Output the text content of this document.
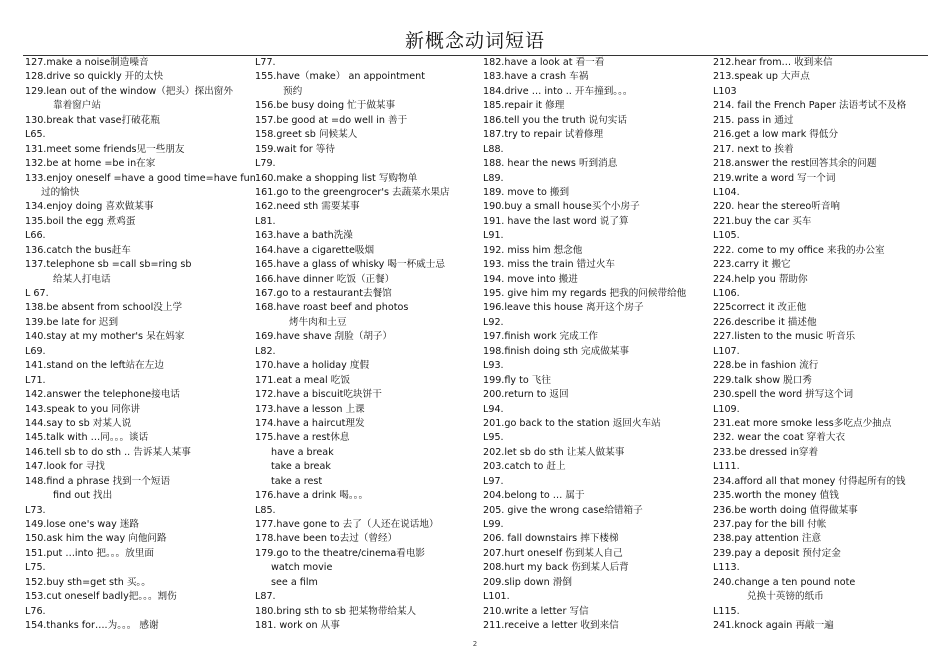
新概念动词短语
127.make a noise制造噪音
128.drive so quickly 开的太快
129.lean out of the window（把头）探出窗外
靠着窗户站
130.break that vase打破花瓶
L65.
131.meet some friends见一些朋友
132.be at home =be in在家
133.enjoy oneself =have a good time=have fun
过的愉快
134.enjoy doing 喜欢做某事
135.boil the egg 煮鸡蛋
L66.
136.catch the bus赶车
137.telephone sb =call sb=ring sb
给某人打电话
L 67.
138.be absent from school没上学
139.be late for 迟到
140.stay at my mother's 呆在妈家
L69.
141.stand on the left站在左边
L71.
142.answer the telephone接电话
143.speak to you 同你讲
144.say to sb 对某人说
145.talk with …同。。。谈话
146.tell sb to do sth .. 告诉某人某事
147.look for 寻找
148.find a phrase 找到一个短语
find out 找出
L73.
149.lose one's way 迷路
150.ask him the way 向他问路
151.put …into 把。。。放里面
L75.
152.buy sth=get sth 买。。
153.cut oneself badly把。。。割伤
L76.
154.thanks for….为。。。 感谢
L77.
155.have（make） an appointment
预约
156.be busy doing 忙于做某事
157.be good at =do well in 善于
158.greet sb 问候某人
159.wait for 等待
L79.
160.make a shopping list 写购物单
161.go to the greengrocer's 去蔬菜水果店
162.need sth 需要某事
L81.
163.have a bath洗澡
164.have a cigarette吸烟
165.have a glass of whisky 喝一杯威士忌
166.have dinner 吃饭（正餐）
167.go to a restaurant去餐馆
168.have roast beef and photos
烤牛肉和土豆
169.have shave 刮脸（胡子）
L82.
170.have a holiday 度假
171.eat a meal 吃饭
172.have a biscuit吃块饼干
173.have a lesson 上课
174.have a haircut理发
175.have a rest休息
have a break
take a break
take a rest
176.have a drink 喝。。。
L85.
177.have gone to 去了（人还在说话地）
178.have been to去过（曾经）
179.go to the theatre/cinema看电影
watch movie
see a film
L87.
180.bring sth to sb 把某物带给某人
181. work on 从事
182.have a look at 看一看
183.have a crash 车祸
184.drive … into .. 开车撞到。。。
185.repair it 修理
186.tell you the truth 说句实话
187.try to repair 试着修理
L88.
188. hear the news 听到消息
L89.
189. move to 搬到
190.buy a small house买个小房子
191. have the last word 说了算
L91.
192. miss him 想念他
193. miss the train 错过火车
194. move into 搬进
195. give him my regards 把我的问候带给他
196.leave this house 离开这个房子
L92.
197.finish work 完成工作
198.finish doing sth 完成做某事
L93.
199.fly to 飞往
200.return to 返回
L94.
201.go back to the station 返回火车站
L95.
202.let sb do sth 让某人做某事
203.catch to 赶上
L97.
204.belong to … 属于
205. give the wrong case给错箱子
L99.
206. fall downstairs 摔下楼梯
207.hurt oneself 伤到某人自己
208.hurt my back 伤到某人后背
209.slip down 滑倒
L101.
210.write a letter 写信
211.receive a letter 收到来信
212.hear from… 收到来信
213.speak up 大声点
L103
214. fail the French Paper 法语考试不及格
215. pass in 通过
216.get a low mark 得低分
217. next to 挨着
218.answer the rest回答其余的问题
219.write a word 写一个词
L104.
220. hear the stereo听音响
221.buy the car 买车
L105.
222. come to my office 来我的办公室
223.carry it 搬它
224.help you 帮助你
L106.
225correct it 改正他
226.describe it 描述他
227.listen to the music 听音乐
L107.
228.be in fashion 流行
229.talk show 脱口秀
230.spell the word 拼写这个词
L109.
231.eat more smoke less多吃点少抽点
232. wear the coat 穿着大衣
233.be dressed in穿着
L111.
234.afford all that money 付得起所有的钱
235.worth the money 值钱
236.be worth doing 值得做某事
237.pay for the bill 付帐
238.pay attention 注意
239.pay a deposit 预付定金
L113.
240.change a ten pound note
兑换十英镑的纸币
L115.
241.knock again 再敲一遍
2
